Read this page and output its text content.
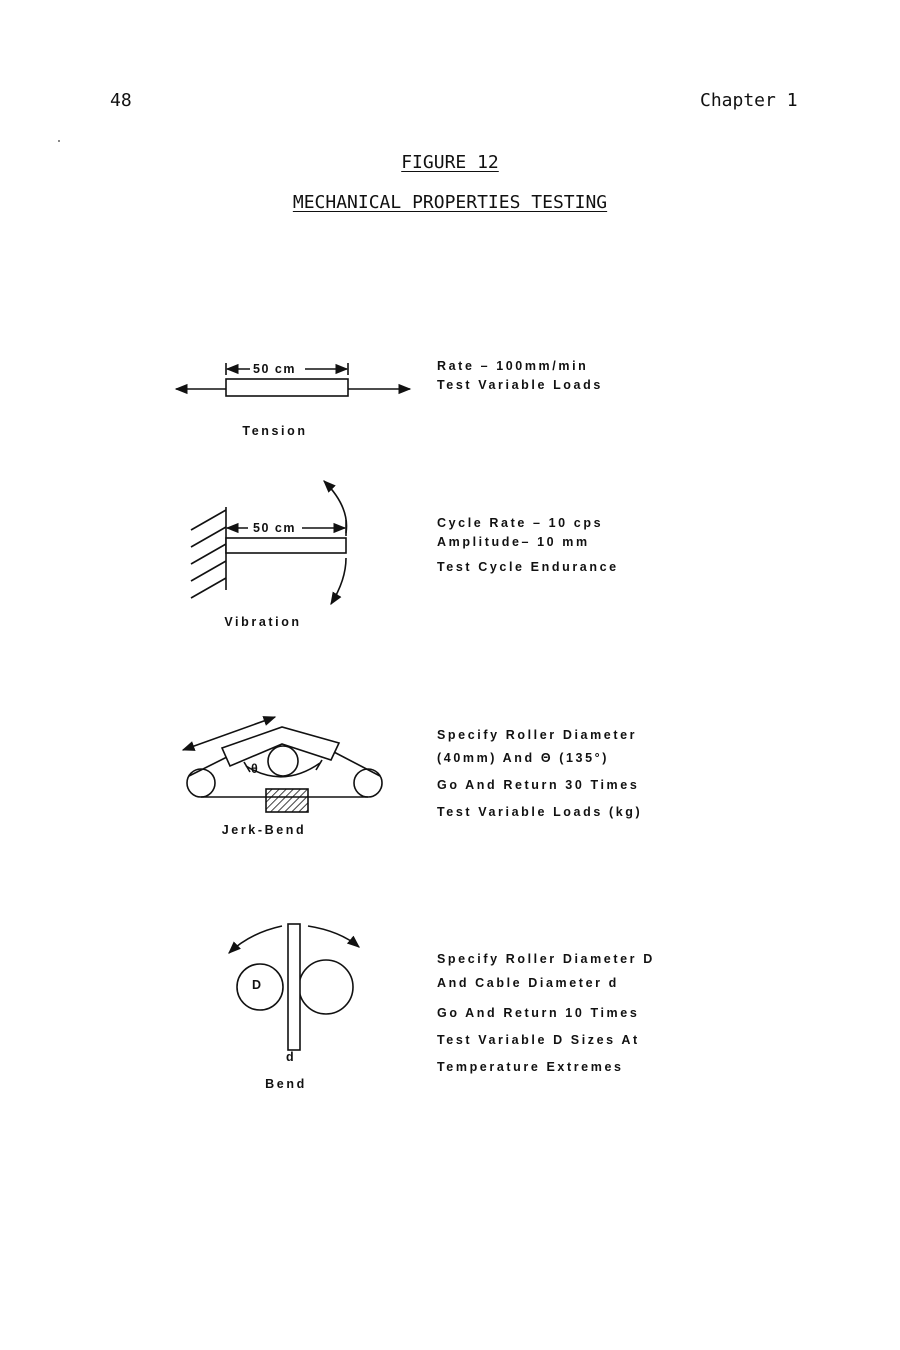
48	Chapter 1
FIGURE 12
MECHANICAL PROPERTIES TESTING
50 cm
50 cm
θ
D
d
Tension
Vibration
Jerk-Bend
Bend
Rate – 100mm/min
Test Variable Loads
Cycle Rate – 10 cps
Amplitude– 10 mm
Test Cycle Endurance
Specify Roller Diameter
(40mm) And Θ (135°)
Go And Return 30 Times
Test Variable Loads (kg)
Specify Roller Diameter D
And Cable Diameter d
Go And Return 10 Times
Test Variable D Sizes At
Temperature Extremes
